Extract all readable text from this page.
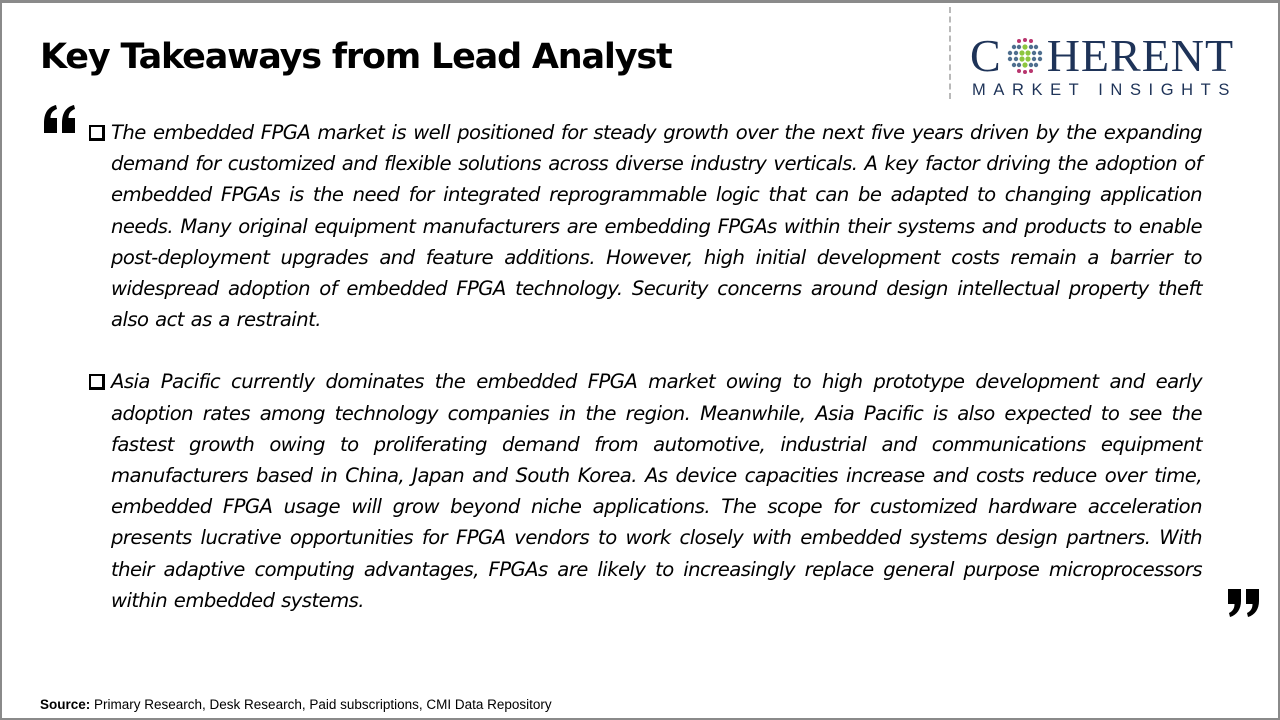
Key Takeaways from Lead Analyst	C HERENT
MARKET INSIGHTS
The embedded FPGA market is well positioned for steady growth over the next five years driven by the expanding demand for customized and flexible solutions across diverse industry verticals. A key factor driving the adoption of embedded FPGAs is the need for integrated reprogrammable logic that can be adapted to changing application needs. Many original equipment manufacturers are embedding FPGAs within their systems and products to enable post-deployment upgrades and feature additions. However, high initial development costs remain a barrier to widespread adoption of embedded FPGA technology. Security concerns around design intellectual property theft also act as a restraint.
Asia Pacific currently dominates the embedded FPGA market owing to high prototype development and early adoption rates among technology companies in the region. Meanwhile, Asia Pacific is also expected to see the fastest growth owing to proliferating demand from automotive, industrial and communications equipment manufacturers based in China, Japan and South Korea. As device capacities increase and costs reduce over time, embedded FPGA usage will grow beyond niche applications. The scope for customized hardware acceleration presents lucrative opportunities for FPGA vendors to work closely with embedded systems design partners. With their adaptive computing advantages, FPGAs are likely to increasingly replace general purpose microprocessors within embedded systems.
Source: Primary Research, Desk Research, Paid subscriptions, CMI Data Repository
